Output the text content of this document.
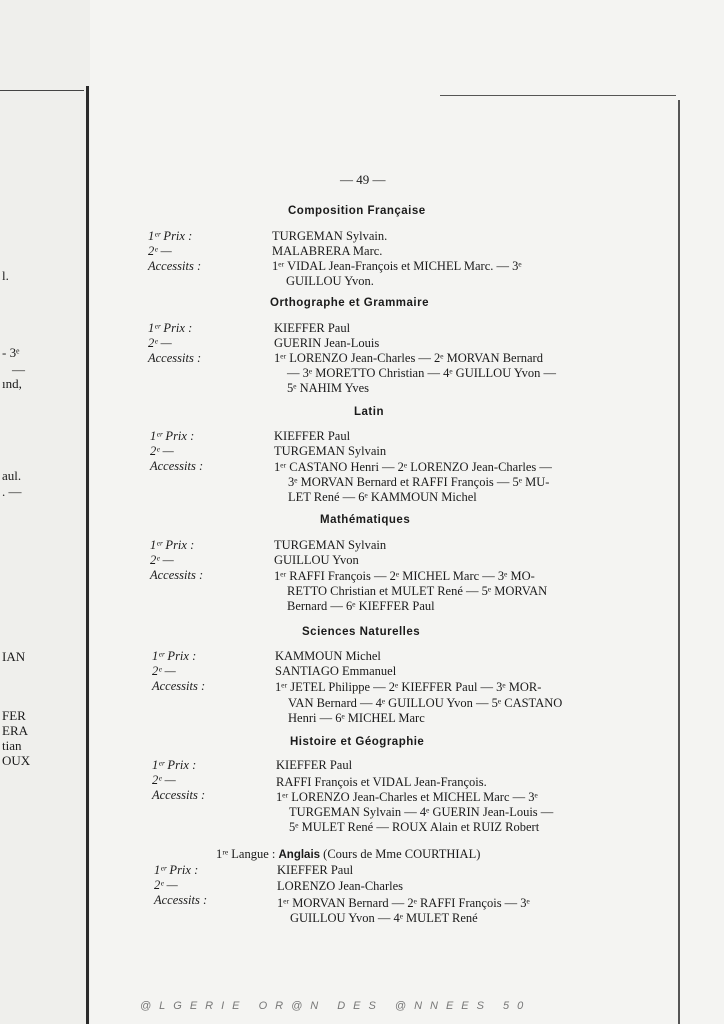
l.
- 3ᵉ
—
ınd,
aul.
. —
IAN
FER
ERA
tian
OUX
— 49 —
Composition Française
1ᵉʳ Prix :
2ᵉ —
Accessits :
TURGEMAN Sylvain.
MALABRERA Marc.
1ᵉʳ VIDAL Jean-François et MICHEL Marc. — 3ᵉ
GUILLOU Yvon.
Orthographe et Grammaire
1ᵉʳ Prix :
2ᵉ —
Accessits :
KIEFFER Paul
GUERIN Jean-Louis
1ᵉʳ LORENZO Jean-Charles — 2ᵉ MORVAN Bernard
— 3ᵉ MORETTO Christian — 4ᵉ GUILLOU Yvon —
5ᵉ NAHIM Yves
Latin
1ᵉʳ Prix :
2ᵉ —
Accessits :
KIEFFER Paul
TURGEMAN Sylvain
1ᵉʳ CASTANO Henri — 2ᵉ LORENZO Jean-Charles —
3ᵉ MORVAN Bernard et RAFFI François — 5ᵉ MU-
LET René — 6ᵉ KAMMOUN Michel
Mathématiques
1ᵉʳ Prix :
2ᵉ —
Accessits :
TURGEMAN Sylvain
GUILLOU Yvon
1ᵉʳ RAFFI François — 2ᵉ MICHEL Marc — 3ᵉ MO-
RETTO Christian et MULET René — 5ᵉ MORVAN
Bernard — 6ᵉ KIEFFER Paul
Sciences Naturelles
1ᵉʳ Prix :
2ᵉ —
Accessits :
KAMMOUN Michel
SANTIAGO Emmanuel
1ᵉʳ JETEL Philippe — 2ᵉ KIEFFER Paul — 3ᵉ MOR-
VAN Bernard — 4ᵉ GUILLOU Yvon — 5ᵉ CASTANO
Henri — 6ᵉ MICHEL Marc
Histoire et Géographie
1ᵉʳ Prix :
2ᵉ —
Accessits :
KIEFFER Paul
RAFFI François et VIDAL Jean-François.
1ᵉʳ LORENZO Jean-Charles et MICHEL Marc — 3ᵉ
TURGEMAN Sylvain — 4ᵉ GUERIN Jean-Louis —
5ᵉ MULET René — ROUX Alain et RUIZ Robert
1ʳᵉ Langue : Anglais (Cours de Mme COURTHIAL)
1ᵉʳ Prix :
2ᵉ —
Accessits :
KIEFFER Paul
LORENZO Jean-Charles
1ᵉʳ MORVAN Bernard — 2ᵉ RAFFI François — 3ᵉ
GUILLOU Yvon — 4ᵉ MULET René
@LGERIE OR@N DES @NNEES 50
